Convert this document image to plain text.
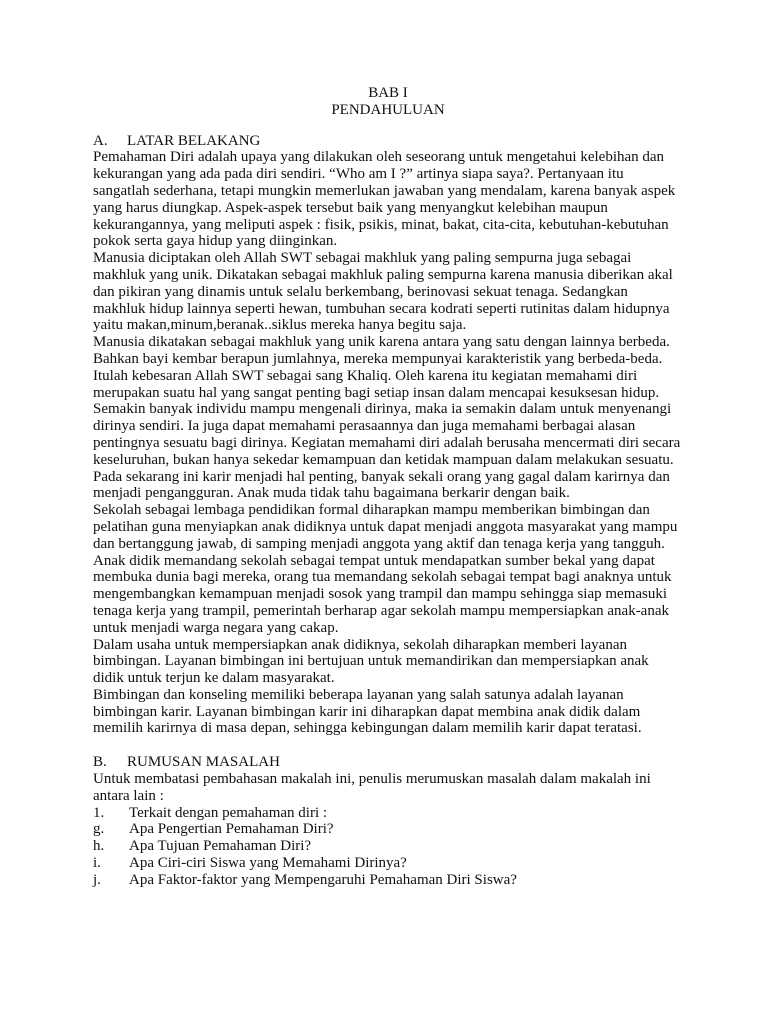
BAB I
PENDAHULUAN
A.	LATAR BELAKANG

Pemahaman Diri adalah upaya yang dilakukan oleh seseorang untuk mengetahui kelebihan dan kekurangan yang ada pada diri sendiri. “Who am I ?” artinya siapa saya?. Pertanyaan itu sangatlah sederhana, tetapi mungkin memerlukan jawaban yang mendalam, karena banyak aspek yang harus diungkap. Aspek-aspek tersebut baik yang menyangkut kelebihan maupun kekurangannya, yang meliputi aspek : fisik, psikis, minat, bakat, cita-cita, kebutuhan-kebutuhan pokok serta gaya hidup yang diinginkan.

Manusia diciptakan oleh Allah SWT sebagai makhluk yang paling sempurna juga sebagai makhluk yang unik. Dikatakan sebagai makhluk paling sempurna karena manusia diberikan akal dan pikiran yang dinamis untuk selalu berkembang, berinovasi sekuat tenaga. Sedangkan makhluk hidup lainnya seperti hewan, tumbuhan secara kodrati seperti rutinitas dalam hidupnya yaitu makan,minum,beranak..siklus mereka hanya begitu saja.

Manusia dikatakan sebagai makhluk yang unik karena antara yang satu dengan lainnya berbeda. Bahkan bayi kembar berapun jumlahnya, mereka mempunyai karakteristik yang berbeda-beda. Itulah kebesaran Allah SWT sebagai sang Khaliq. Oleh karena itu kegiatan memahami diri merupakan suatu hal yang sangat penting bagi setiap insan dalam mencapai kesuksesan hidup.

Semakin banyak individu mampu mengenali dirinya, maka ia semakin dalam untuk menyenangi dirinya sendiri. Ia juga dapat memahami perasaannya dan juga memahami berbagai alasan pentingnya sesuatu bagi dirinya. Kegiatan memahami diri adalah berusaha mencermati diri secara keseluruhan, bukan hanya sekedar kemampuan dan ketidak mampuan dalam melakukan sesuatu.

Pada sekarang ini karir menjadi hal penting, banyak sekali orang yang gagal dalam karirnya dan menjadi pengangguran. Anak muda tidak tahu bagaimana berkarir dengan baik.

Sekolah sebagai lembaga pendidikan formal diharapkan mampu memberikan bimbingan dan pelatihan guna menyiapkan anak didiknya untuk dapat menjadi anggota masyarakat yang mampu dan bertanggung jawab, di samping menjadi anggota yang aktif dan tenaga kerja yang tangguh. Anak didik memandang sekolah sebagai tempat untuk mendapatkan sumber bekal yang dapat membuka dunia bagi mereka, orang tua memandang sekolah sebagai tempat bagi anaknya untuk mengembangkan kemampuan menjadi sosok yang trampil dan mampu sehingga siap memasuki tenaga kerja yang trampil, pemerintah berharap agar sekolah mampu mempersiapkan anak-anak untuk menjadi warga negara yang cakap.

Dalam usaha untuk mempersiapkan anak didiknya, sekolah diharapkan memberi layanan bimbingan. Layanan bimbingan ini bertujuan untuk memandirikan dan mempersiapkan anak didik untuk terjun ke dalam masyarakat.

Bimbingan dan konseling memiliki beberapa layanan yang salah satunya adalah layanan bimbingan karir. Layanan bimbingan karir ini diharapkan dapat membina anak didik dalam memilih karirnya di masa depan, sehingga kebingungan dalam memilih karir dapat teratasi.

B.	RUMUSAN MASALAH

Untuk membatasi pembahasan makalah ini, penulis merumuskan masalah dalam makalah ini antara lain :

1.	Terkait dengan pemahaman diri :
g.	Apa Pengertian Pemahaman Diri?
h.	Apa Tujuan Pemahaman Diri?
i.	Apa Ciri-ciri Siswa yang Memahami Dirinya?
j.	Apa Faktor-faktor yang Mempengaruhi Pemahaman Diri Siswa?
